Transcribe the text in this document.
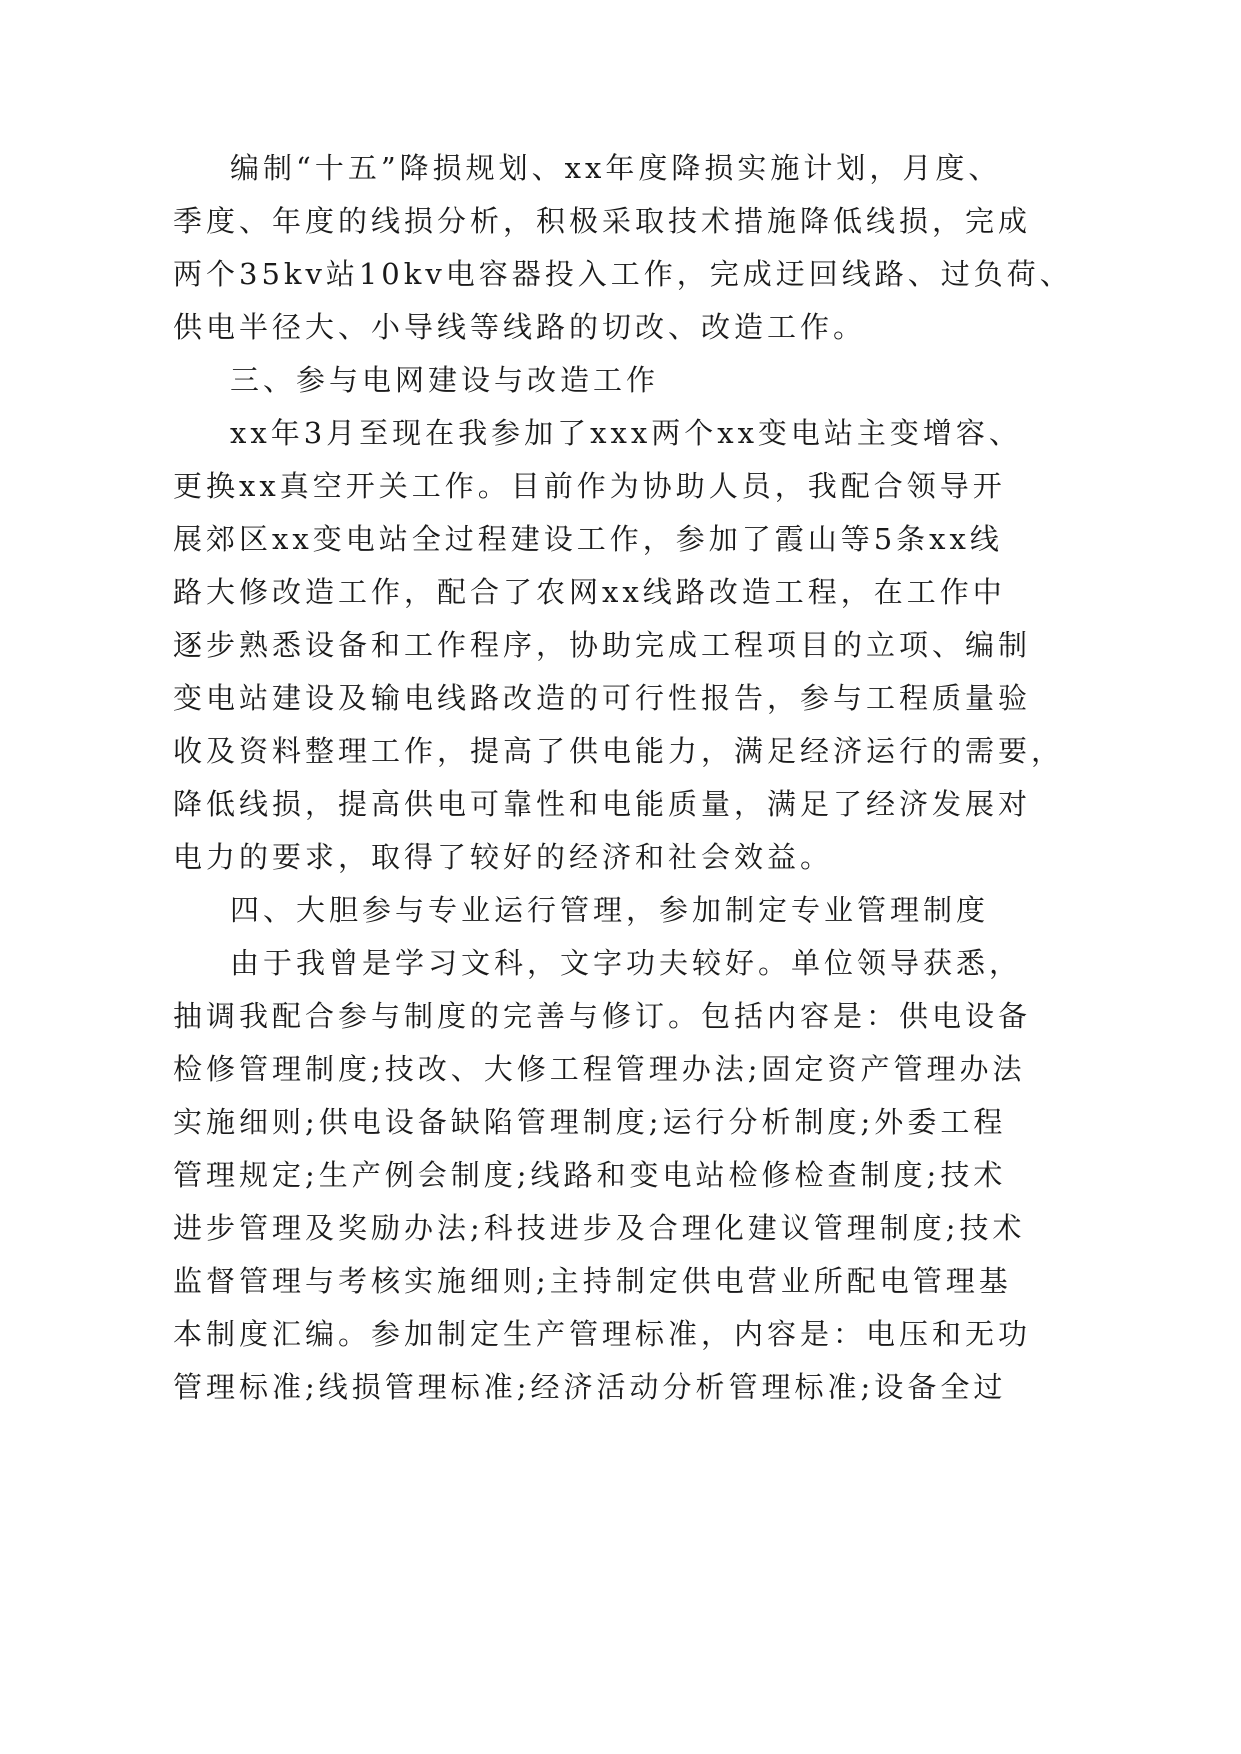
编制“十五”降损规划、xx年度降损实施计划，月度、
季度、年度的线损分析，积极采取技术措施降低线损，完成
两个35kv站10kv电容器投入工作，完成迂回线路、过负荷、
供电半径大、小导线等线路的切改、改造工作。
三、参与电网建设与改造工作
xx年3月至现在我参加了xxx两个xx变电站主变增容、
更换xx真空开关工作。目前作为协助人员，我配合领导开
展郊区xx变电站全过程建设工作，参加了霞山等5条xx线
路大修改造工作，配合了农网xx线路改造工程，在工作中
逐步熟悉设备和工作程序，协助完成工程项目的立项、编制
变电站建设及输电线路改造的可行性报告，参与工程质量验
收及资料整理工作，提高了供电能力，满足经济运行的需要，
降低线损，提高供电可靠性和电能质量，满足了经济发展对
电力的要求，取得了较好的经济和社会效益。
四、大胆参与专业运行管理，参加制定专业管理制度
由于我曾是学习文科，文字功夫较好。单位领导获悉，
抽调我配合参与制度的完善与修订。包括内容是：供电设备
检修管理制度;技改、大修工程管理办法;固定资产管理办法
实施细则;供电设备缺陷管理制度;运行分析制度;外委工程
管理规定;生产例会制度;线路和变电站检修检查制度;技术
进步管理及奖励办法;科技进步及合理化建议管理制度;技术
监督管理与考核实施细则;主持制定供电营业所配电管理基
本制度汇编。参加制定生产管理标准，内容是：电压和无功
管理标准;线损管理标准;经济活动分析管理标准;设备全过
